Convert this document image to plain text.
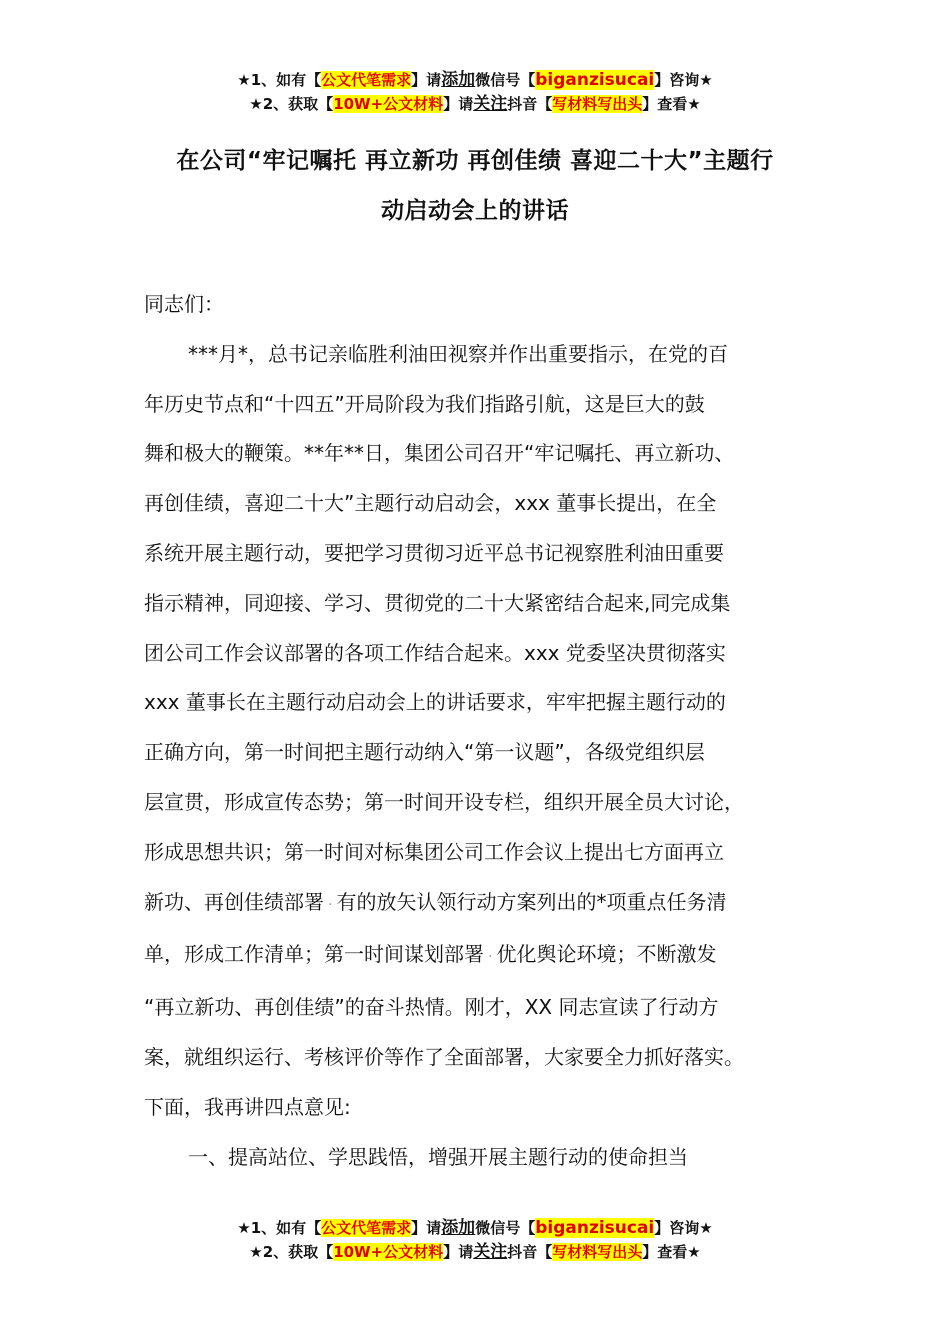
★1、如有【公文代笔需求】请添加微信号【biganzisucai】咨询★
★2、获取【10W+公文材料】请关注抖音【写材料写出头】查看★
在公司“牢记嘱托 再立新功 再创佳绩 喜迎二十大”主题行
动启动会上的讲话

同志们：

***月*，总书记亲临胜利油田视察并作出重要指示，在党的百
年历史节点和“十四五”开局阶段为我们指路引航，这是巨大的鼓
舞和极大的鞭策。**年**日，集团公司召开“牢记嘱托、再立新功、
再创佳绩，喜迎二十大”主题行动启动会，xxx 董事长提出，在全
系统开展主题行动，要把学习贯彻习近平总书记视察胜利油田重要
指示精神，同迎接、学习、贯彻党的二十大紧密结合起来,同完成集
团公司工作会议部署的各项工作结合起来。xxx 党委坚决贯彻落实
xxx 董事长在主题行动启动会上的讲话要求，牢牢把握主题行动的
正确方向，第一时间把主题行动纳入“第一议题”，各级党组织层
层宣贯，形成宣传态势；第一时间开设专栏，组织开展全员大讨论，
形成思想共识；第一时间对标集团公司工作会议上提出七方面再立
新功、再创佳绩部署 · 有的放矢认领行动方案列出的*项重点任务清
单，形成工作清单；第一时间谋划部署 · 优化舆论环境；不断激发
“再立新功、再创佳绩”的奋斗热情。刚才，XX 同志宣读了行动方
案，就组织运行、考核评价等作了全面部署，大家要全力抓好落实。
下面，我再讲四点意见:

一、提高站位、学思践悟，增强开展主题行动的使命担当

★1、如有【公文代笔需求】请添加微信号【biganzisucai】咨询★
★2、获取【10W+公文材料】请关注抖音【写材料写出头】查看★
